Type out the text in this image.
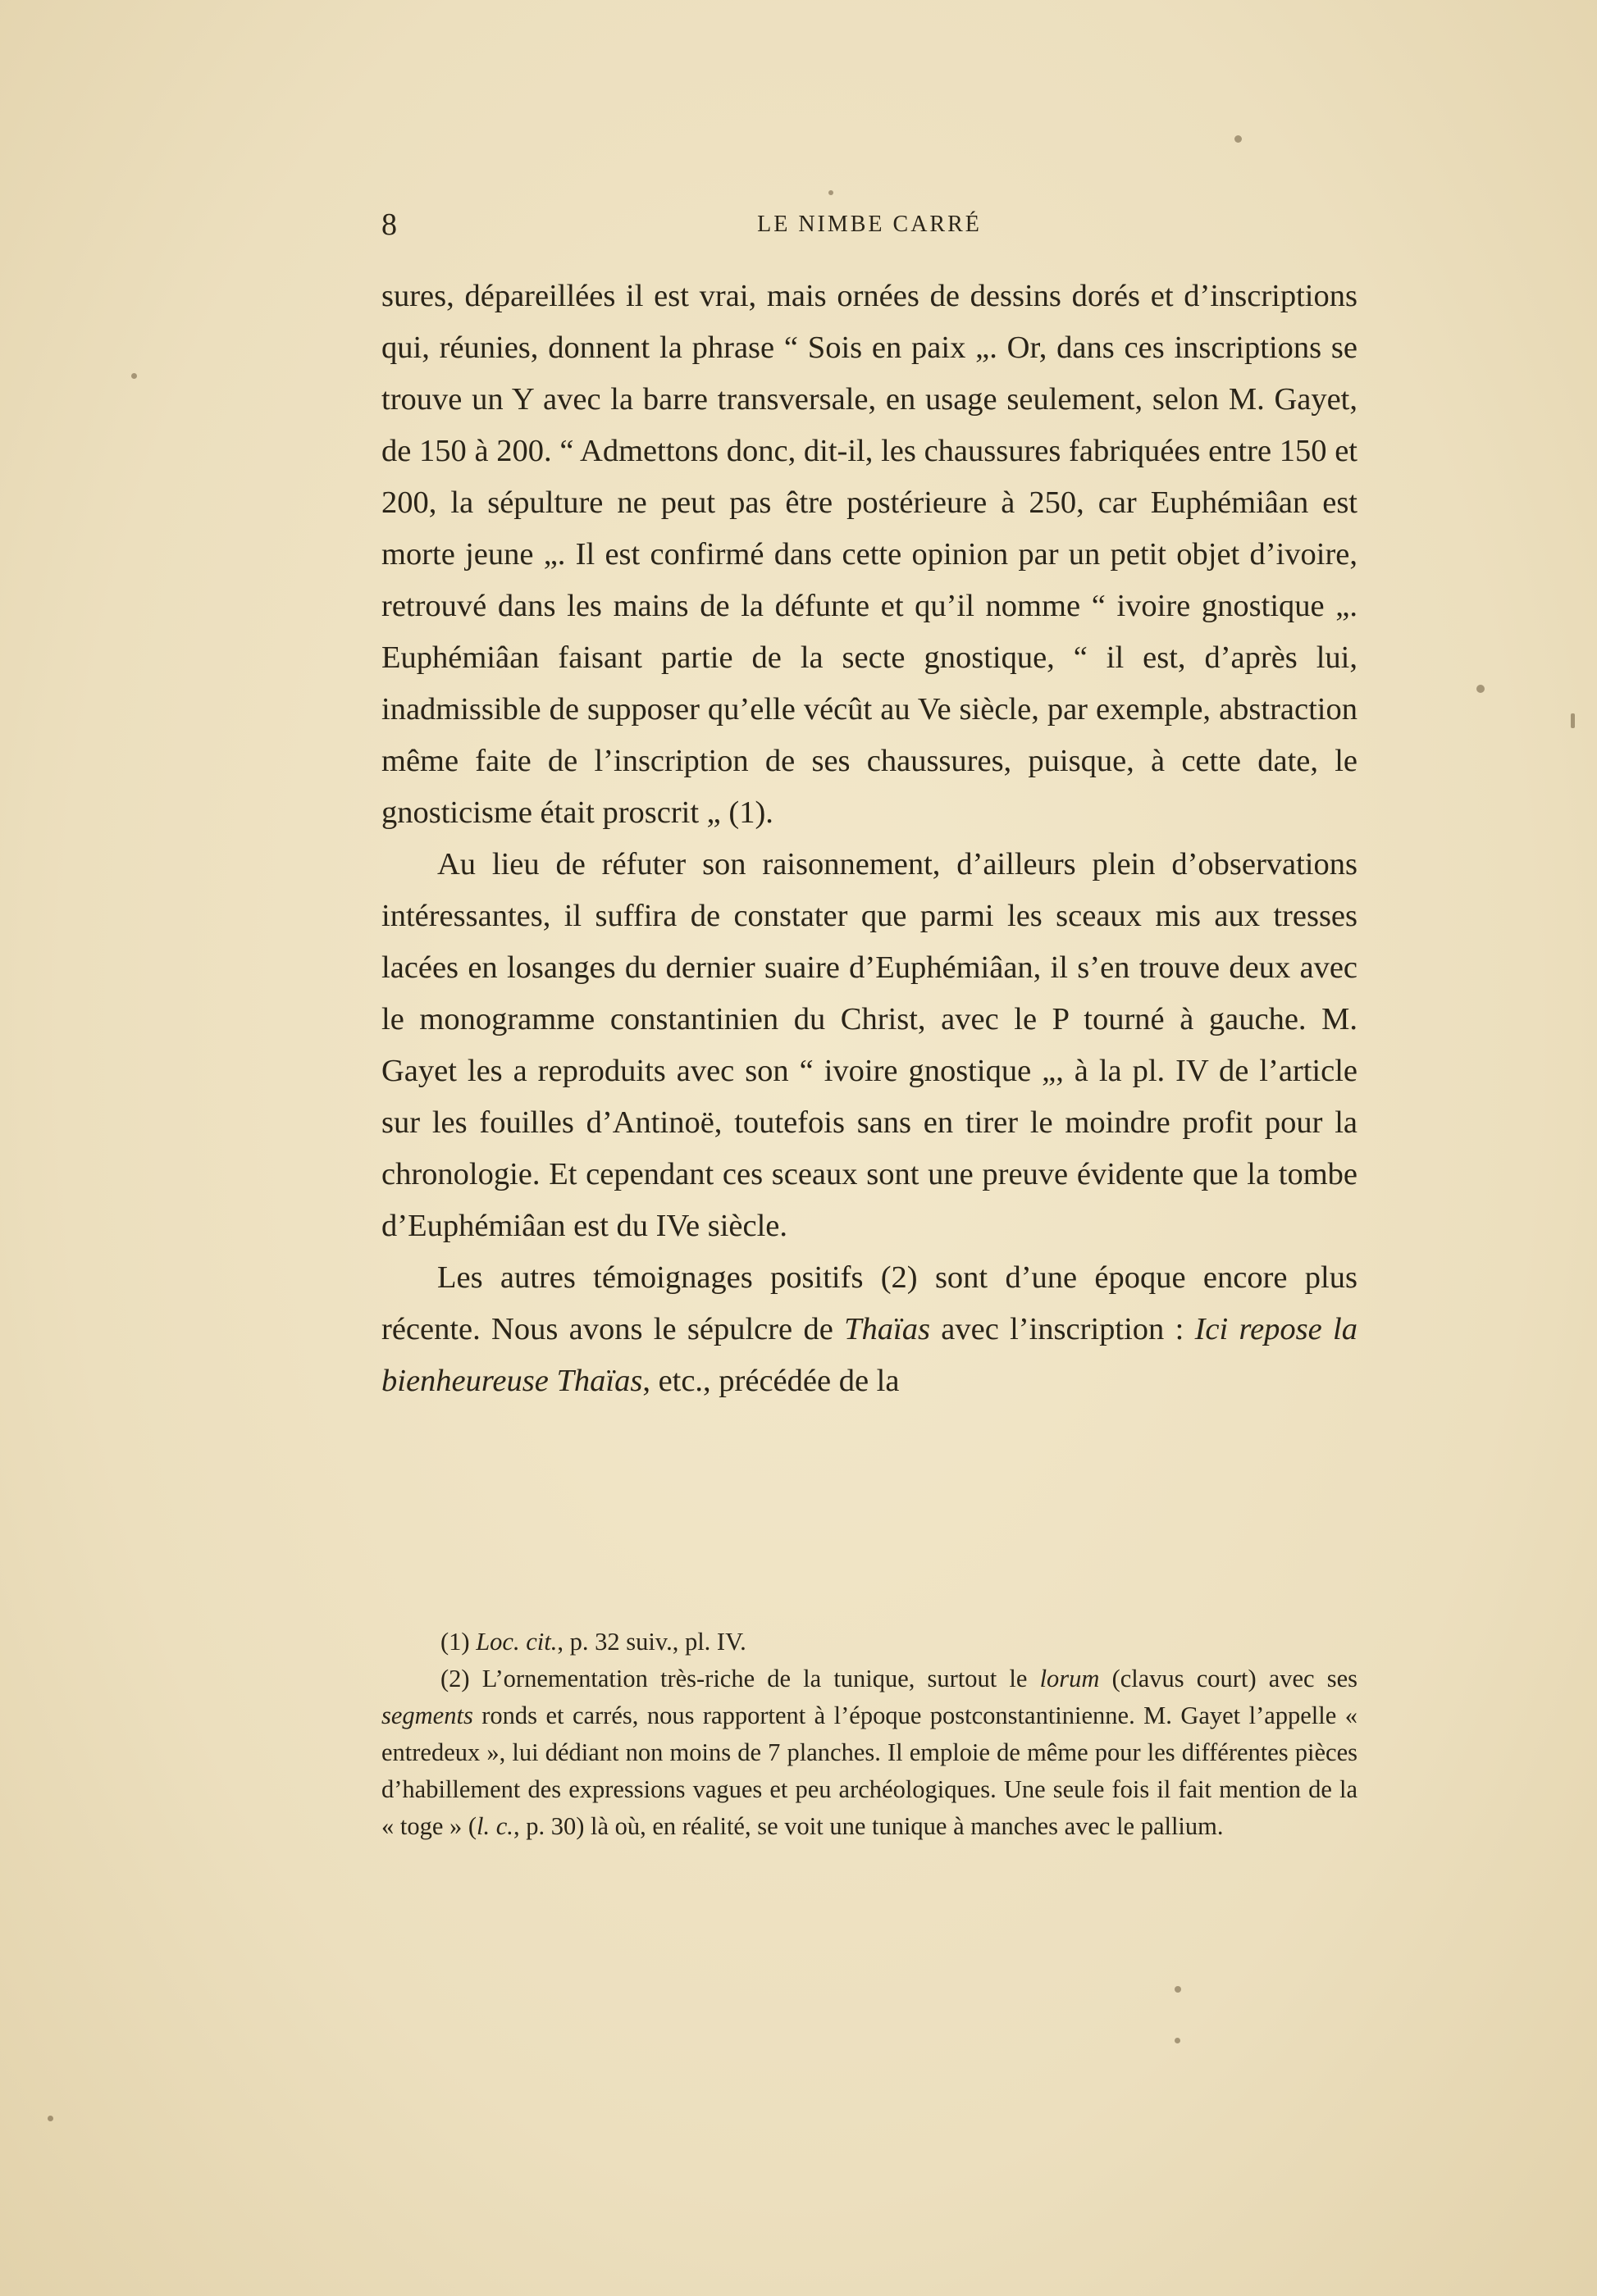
8	LE NIMBE CARRÉ

sures, dépareillées il est vrai, mais ornées de dessins dorés et d’inscriptions qui, réunies, donnent la phrase “ Sois en paix „. Or, dans ces inscriptions se trouve un Y avec la barre transversale, en usage seulement, selon M. Gayet, de 150 à 200. “ Admettons donc, dit-il, les chaussures fabriquées entre 150 et 200, la sépulture ne peut pas être postérieure à 250, car Euphémiâan est morte jeune „. Il est confirmé dans cette opinion par un petit objet d’ivoire, retrouvé dans les mains de la défunte et qu’il nomme “ ivoire gnostique „. Euphémiâan faisant partie de la secte gnostique, “ il est, d’après lui, inadmissible de supposer qu’elle vécût au Ve siècle, par exemple, abstraction même faite de l’inscription de ses chaussures, puisque, à cette date, le gnosticisme était proscrit „ (1).

Au lieu de réfuter son raisonnement, d’ailleurs plein d’observations intéressantes, il suffira de constater que parmi les sceaux mis aux tresses lacées en losanges du dernier suaire d’Euphémiâan, il s’en trouve deux avec le monogramme constantinien du Christ, avec le P tourné à gauche. M. Gayet les a reproduits avec son “ ivoire gnostique „, à la pl. IV de l’article sur les fouilles d’Antinoë, toutefois sans en tirer le moindre profit pour la chronologie. Et cependant ces sceaux sont une preuve évidente que la tombe d’Euphémiâan est du IVe siècle.

Les autres témoignages positifs (2) sont d’une époque encore plus récente. Nous avons le sépulcre de Thaïas avec l’inscription : Ici repose la bienheureuse Thaïas, etc., précédée de la

(1) Loc. cit., p. 32 suiv., pl. IV.

(2) L’ornementation très-riche de la tunique, surtout le lorum (clavus court) avec ses segments ronds et carrés, nous rapportent à l’époque postconstantinienne. M. Gayet l’appelle « entredeux », lui dédiant non moins de 7 planches. Il emploie de même pour les différentes pièces d’habillement des expressions vagues et peu archéologiques. Une seule fois il fait mention de la « toge » (l. c., p. 30) là où, en réalité, se voit une tunique à manches avec le pallium.
